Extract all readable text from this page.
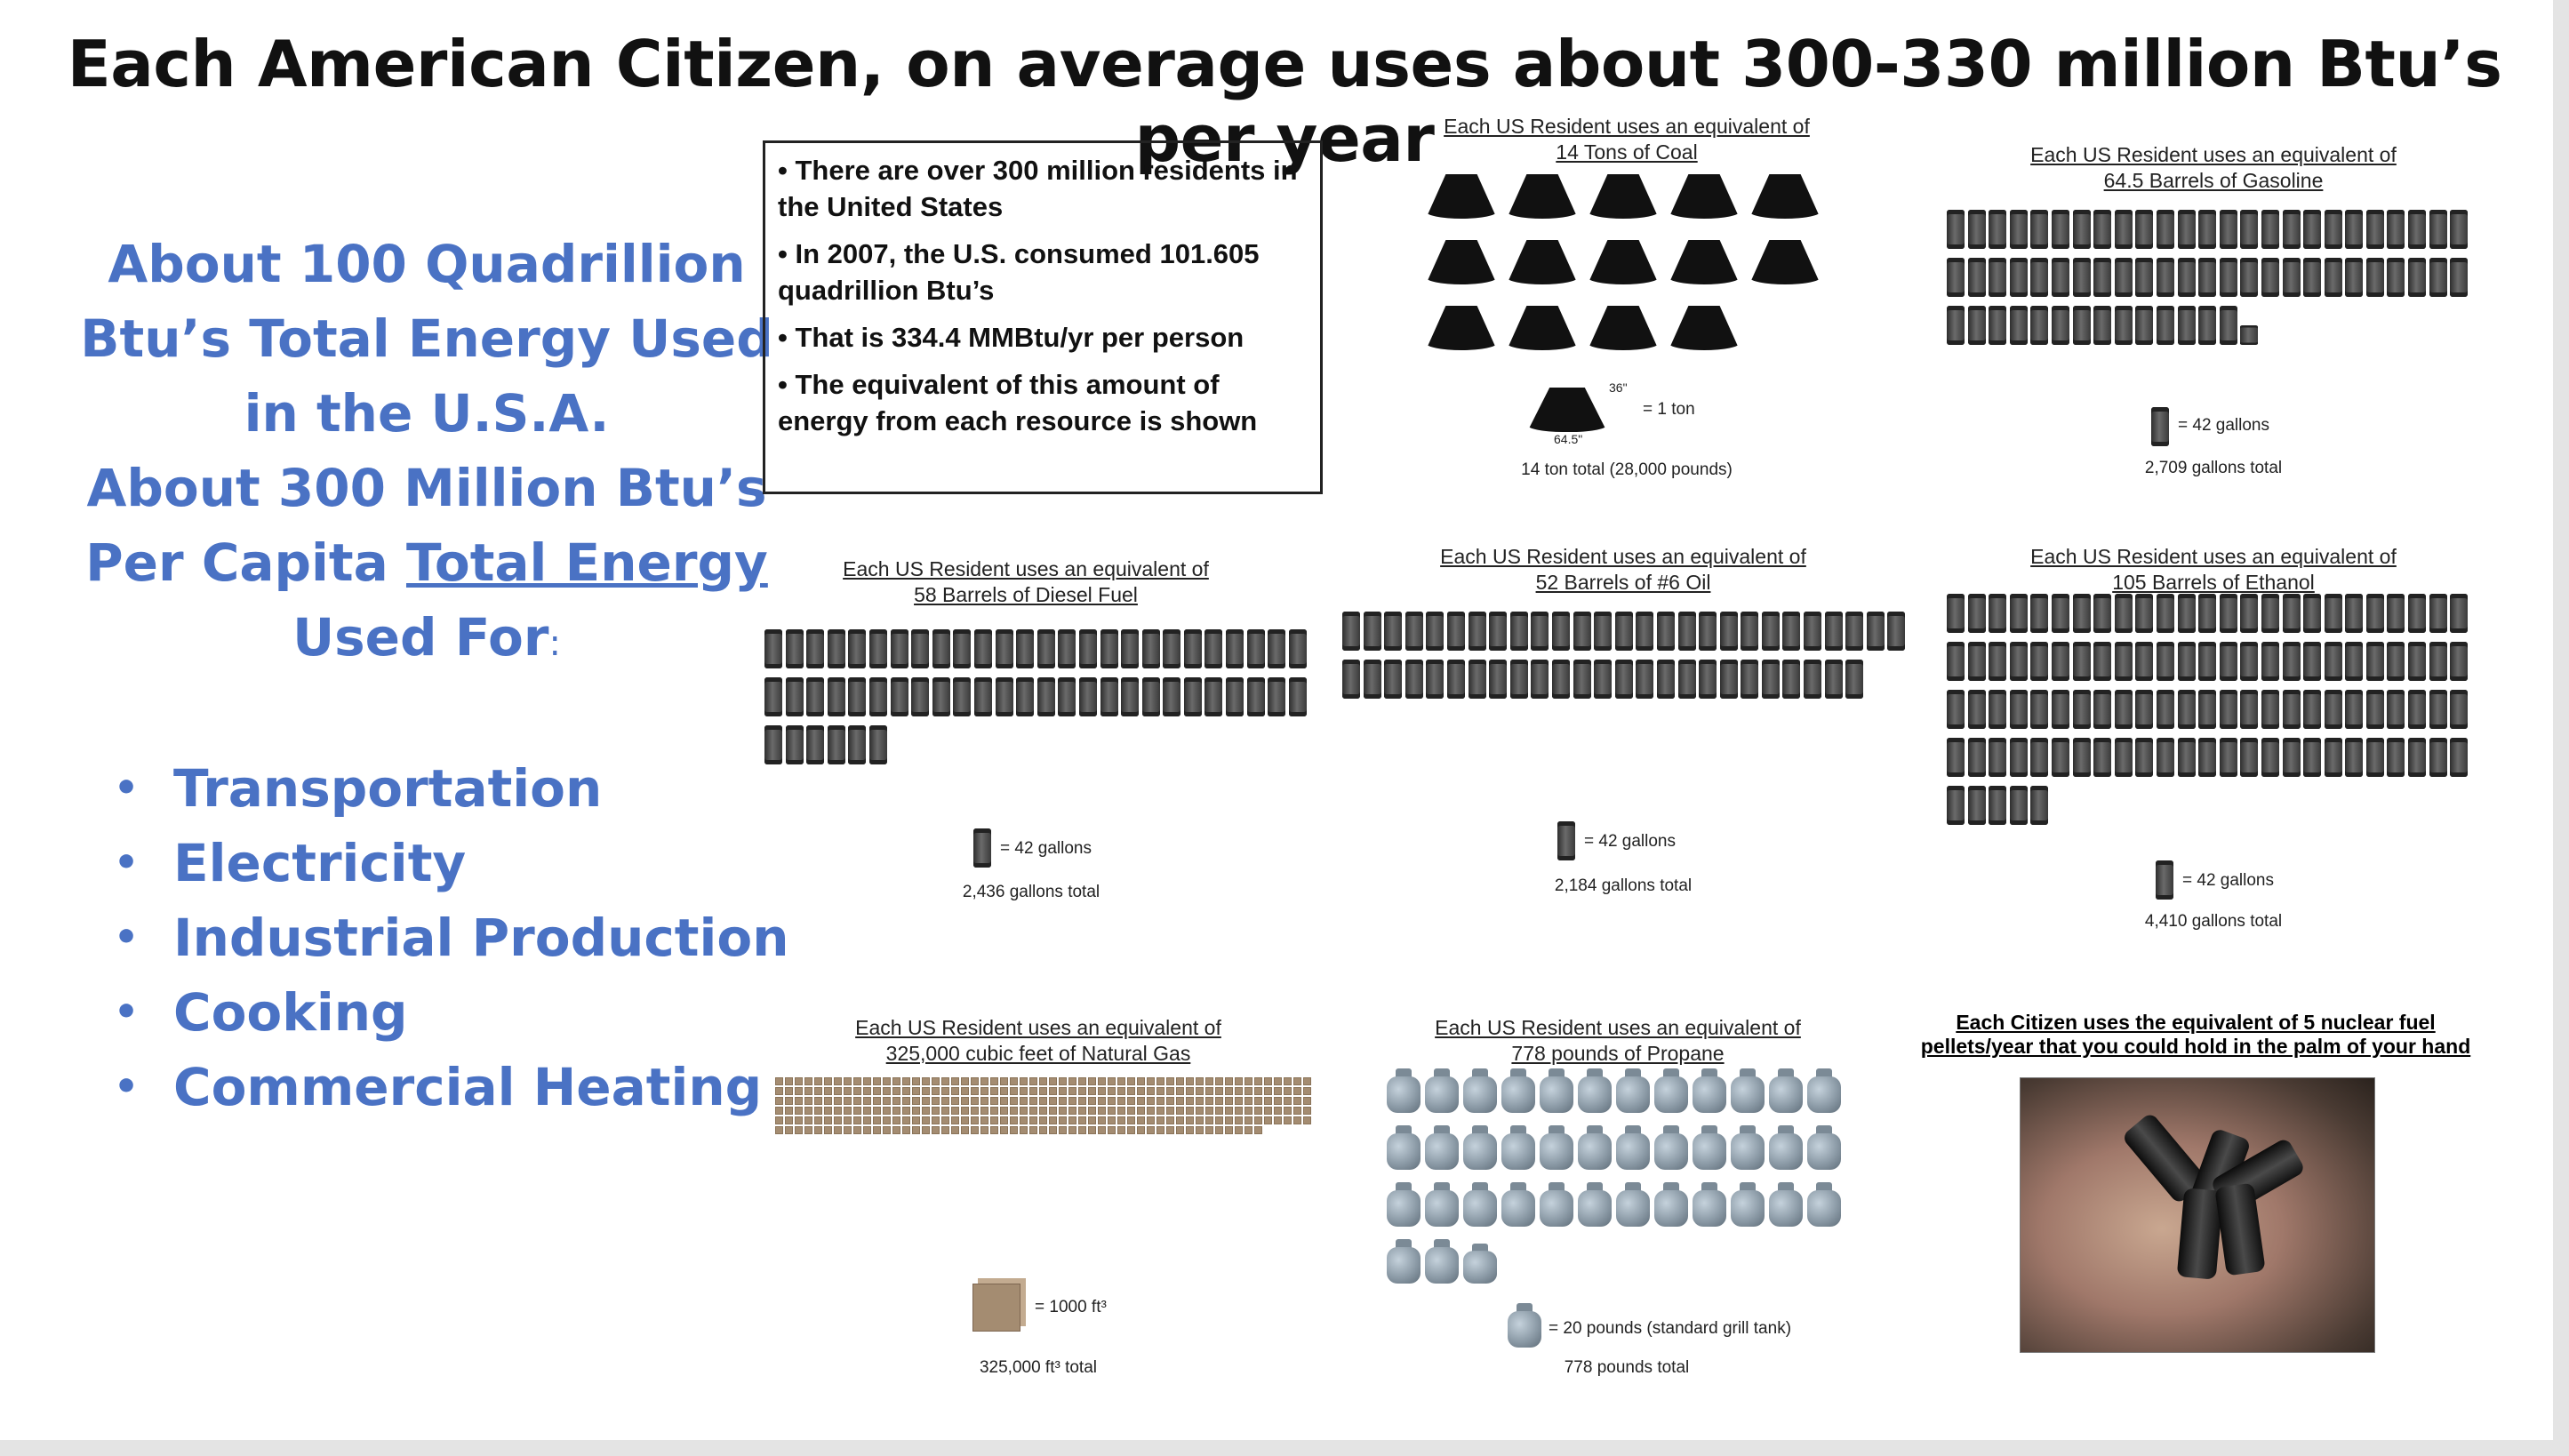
Each American Citizen, on average uses about 300-330 million Btu’s per year
About 100 Quadrillion
Btu’s Total Energy Used
in the U.S.A.
About 300 Million Btu’s
Per Capita Total Energy
Used For:
• Transportation
• Electricity
• Industrial Production
• Cooking
• Commercial Heating
• There are over 300 million residents in the United States
• In 2007, the U.S. consumed 101.605 quadrillion Btu’s
• That is 334.4 MMBtu/yr per person
• The equivalent of this amount of energy from each resource is shown
Each US Resident uses an equivalent of
14 Tons of Coal
36"
64.5"
= 1 ton
14 ton total (28,000 pounds)
Each US Resident uses an equivalent of
64.5 Barrels of Gasoline
= 42 gallons
2,709 gallons total
Each US Resident uses an equivalent of
58 Barrels of Diesel Fuel
= 42 gallons
2,436 gallons total
Each US Resident uses an equivalent of
52 Barrels of #6 Oil
= 42 gallons
2,184 gallons total
Each US Resident uses an equivalent of
105 Barrels of Ethanol
= 42 gallons
4,410 gallons total
Each US Resident uses an equivalent of
325,000 cubic feet of Natural Gas
= 1000 ft³
325,000 ft³ total
Each US Resident uses an equivalent of
778 pounds of Propane
= 20 pounds (standard grill tank)
778 pounds total
Each Citizen uses the equivalent of 5 nuclear fuel
pellets/year that you could hold in the palm of your hand
